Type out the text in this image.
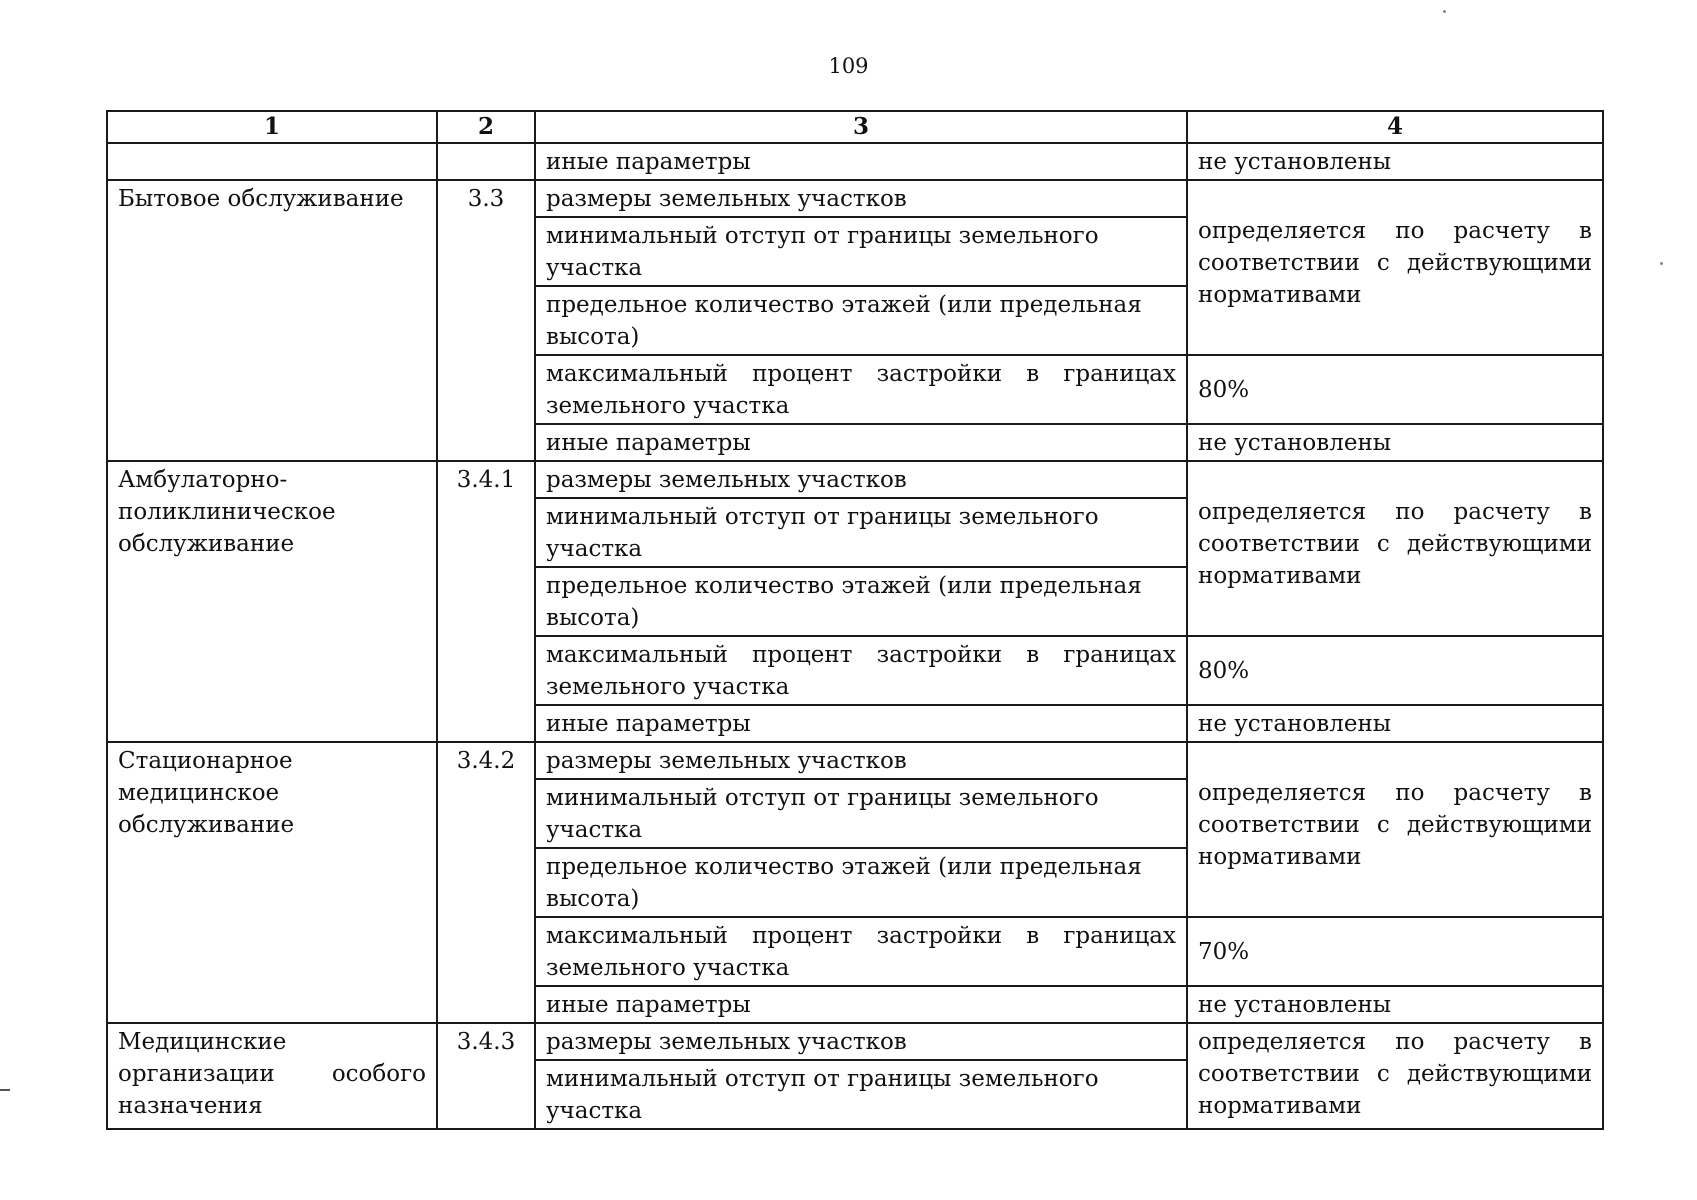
109
1	2	3	4
		иные параметры	не установлены
Бытовое обслуживание	3.3	размеры земельных участков	определяется по расчету в соответствии с действующими нормативами
		минимальный отступ от границы земельного участка	
		предельное количество этажей (или предельная высота)	
		максимальный процент застройки в границах земельного участка	80%
		иные параметры	не установлены
Амбулаторно-поликлиническое обслуживание	3.4.1	размеры земельных участков	определяется по расчету в соответствии с действующими нормативами
		минимальный отступ от границы земельного участка	
		предельное количество этажей (или предельная высота)	
		максимальный процент застройки в границах земельного участка	80%
		иные параметры	не установлены
Стационарное медицинское обслуживание	3.4.2	размеры земельных участков	определяется по расчету в соответствии с действующими нормативами
		минимальный отступ от границы земельного участка	
		предельное количество этажей (или предельная высота)	
		максимальный процент застройки в границах земельного участка	70%
		иные параметры	не установлены
Медицинские организации особого назначения	3.4.3	размеры земельных участков	определяется по расчету в соответствии с действующими нормативами
		минимальный отступ от границы земельного участка	
